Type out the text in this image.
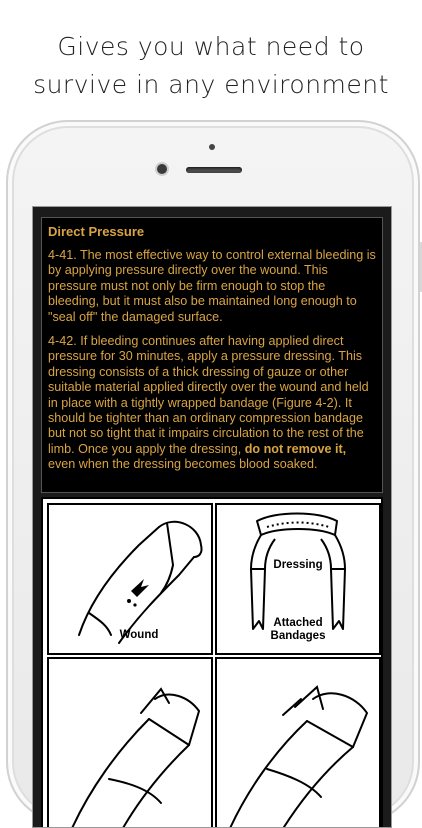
Gives you what need to
survive in any environment
Direct Pressure

4-41. The most effective way to control external bleeding is by applying pressure directly over the wound. This pressure must not only be firm enough to stop the bleeding, but it must also be maintained long enough to "seal off" the damaged surface.

4-42. If bleeding continues after having applied direct pressure for 30 minutes, apply a pressure dressing. This dressing consists of a thick dressing of gauze or other suitable material applied directly over the wound and held in place with a tightly wrapped bandage (Figure 4-2). It should be tighter than an ordinary compression bandage but not so tight that it impairs circulation to the rest of the limb. Once you apply the dressing, do not remove it, even when the dressing becomes blood soaked.

Wound
Dressing
Attached
Bandages
